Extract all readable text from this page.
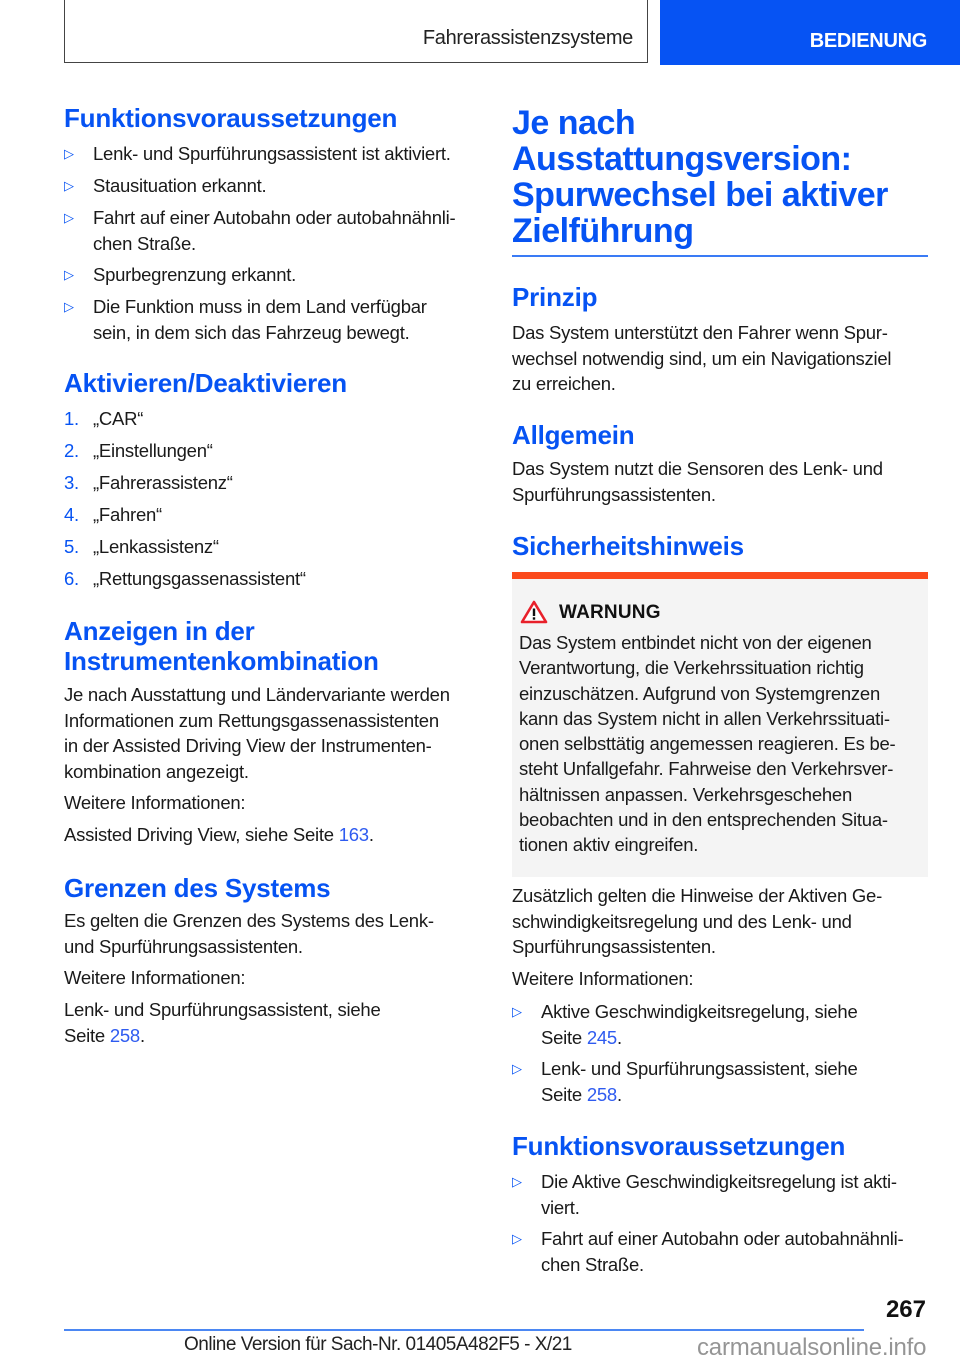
Fahrerassistenzsysteme	BEDIENUNG
Funktionsvoraussetzungen
▷	Lenk- und Spurführungsassistent ist aktiviert.
▷	Stausituation erkannt.
▷	Fahrt auf einer Autobahn oder autobahnähnli-
chen Straße.
▷	Spurbegrenzung erkannt.
▷	Die Funktion muss in dem Land verfügbar
sein, in dem sich das Fahrzeug bewegt.
Aktivieren/Deaktivieren
1. „CAR“
2. „Einstellungen“
3. „Fahrerassistenz“
4. „Fahren“
5. „Lenkassistenz“
6. „Rettungsgassenassistent“
Anzeigen in der
Instrumentenkombination

Je nach Ausstattung und Ländervariante werden
Informationen zum Rettungsgassenassistenten
in der Assisted Driving View der Instrumenten-
kombination angezeigt.

Weitere Informationen:

Assisted Driving View, siehe Seite 163.

Grenzen des Systems

Es gelten die Grenzen des Systems des Lenk-
und Spurführungsassistenten.

Weitere Informationen:

Lenk- und Spurführungsassistent, siehe
Seite 258.

Je nach
Ausstattungsversion:
Spurwechsel bei aktiver
Zielführung
Prinzip

Das System unterstützt den Fahrer wenn Spur-
wechsel notwendig sind, um ein Navigationsziel
zu erreichen.

Allgemein

Das System nutzt die Sensoren des Lenk- und
Spurführungsassistenten.

Sicherheitshinweis
WARNUNG

Das System entbindet nicht von der eigenen
Verantwortung, die Verkehrssituation richtig
einzuschätzen. Aufgrund von Systemgrenzen
kann das System nicht in allen Verkehrssituati-
onen selbsttätig angemessen reagieren. Es be-
steht Unfallgefahr. Fahrweise den Verkehrsver-
hältnissen anpassen. Verkehrsgeschehen
beobachten und in den entsprechenden Situa-
tionen aktiv eingreifen.

Zusätzlich gelten die Hinweise der Aktiven Ge-
schwindigkeitsregelung und des Lenk- und
Spurführungsassistenten.

Weitere Informationen:

▷	Aktive Geschwindigkeitsregelung, siehe
Seite 245.
▷	Lenk- und Spurführungsassistent, siehe
Seite 258.
Funktionsvoraussetzungen
▷	Die Aktive Geschwindigkeitsregelung ist akti-
viert.
▷	Fahrt auf einer Autobahn oder autobahnähnli-
chen Straße.
267
Online Version für Sach-Nr. 01405A482F5 - X/21	carmanualsonline.info
